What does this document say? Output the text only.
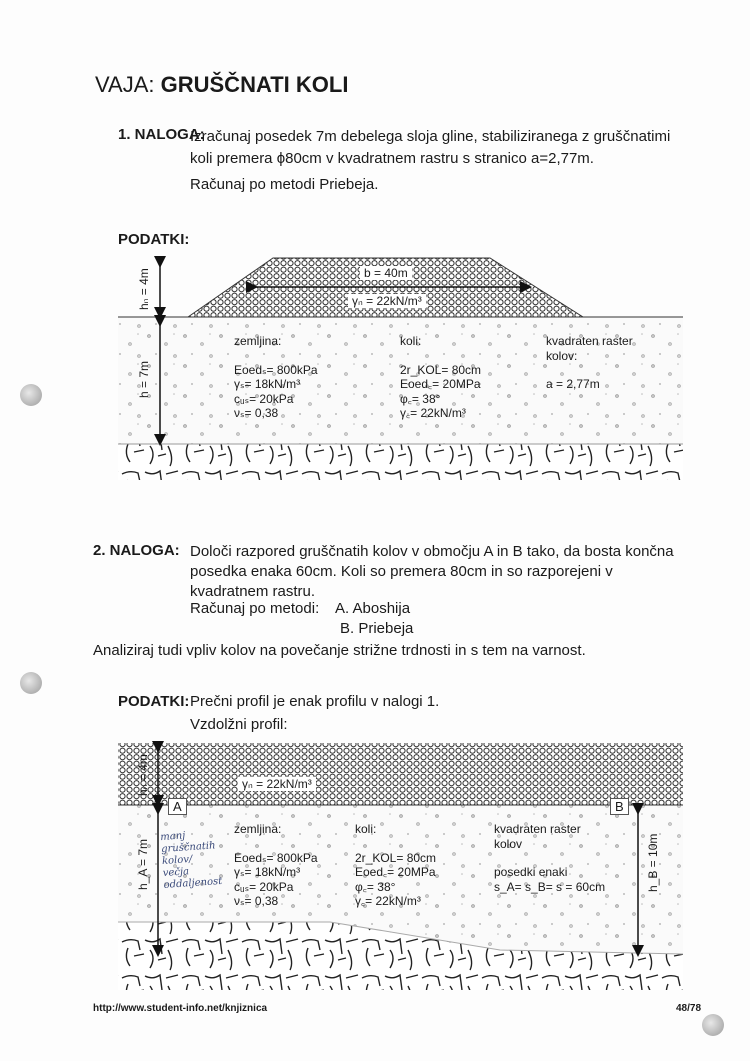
VAJA: GRUŠČNATI KOLI
1. NALOGA:
Izračunaj posedek 7m debelega sloja gline, stabiliziranega z gruščnatimi
koli premera ϕ80cm v kvadratnem rastru s stranico a=2,77m.
Računaj po metodi Priebeja.
PODATKI:
hₙ = 4m
h = 7m
b = 40m
γₙ = 22kN/m³
zemljina:
Eoedₛ= 800kPa
γₛ= 18kN/m³
cᵤₛ= 20kPa
νₛ= 0,38
koli:
2r_KOL= 80cm
Eoed꜀= 20MPa
φ꜀= 38°
γ꜀= 22kN/m³
kvadraten raster
kolov:
a = 2,77m
2. NALOGA: Določi razpored gruščnatih kolov v območju A in B tako, da bosta končna
posedka enaka 60cm. Koli so premera 80cm in so razporejeni v
kvadratnem rastru.
Računaj po metodi: A. Aboshija
B. Priebeja
Analiziraj tudi vpliv kolov na povečanje strižne trdnosti in s tem na varnost.
PODATKI: Prečni profil je enak profilu v nalogi 1.
Vzdolžni profil:
hₙ = 4m
h_A = 7m	h_B = 10m
γₙ = 22kN/m³
A	B
manj
gruščnatih
kolov/
večja
oddaljenost
zemljina:
Eoedₛ= 800kPa
γₛ= 18kN/m³
cᵤₛ= 20kPa
νₛ= 0,38
koli:
2r_KOL= 80cm
Eoed꜀= 20MPa
φ꜀= 38°
γ꜀= 22kN/m³
kvadraten raster
kolov
posedki enaki
s_A= s_B= s = 60cm
http://www.student-info.net/knjiznica	48/78
